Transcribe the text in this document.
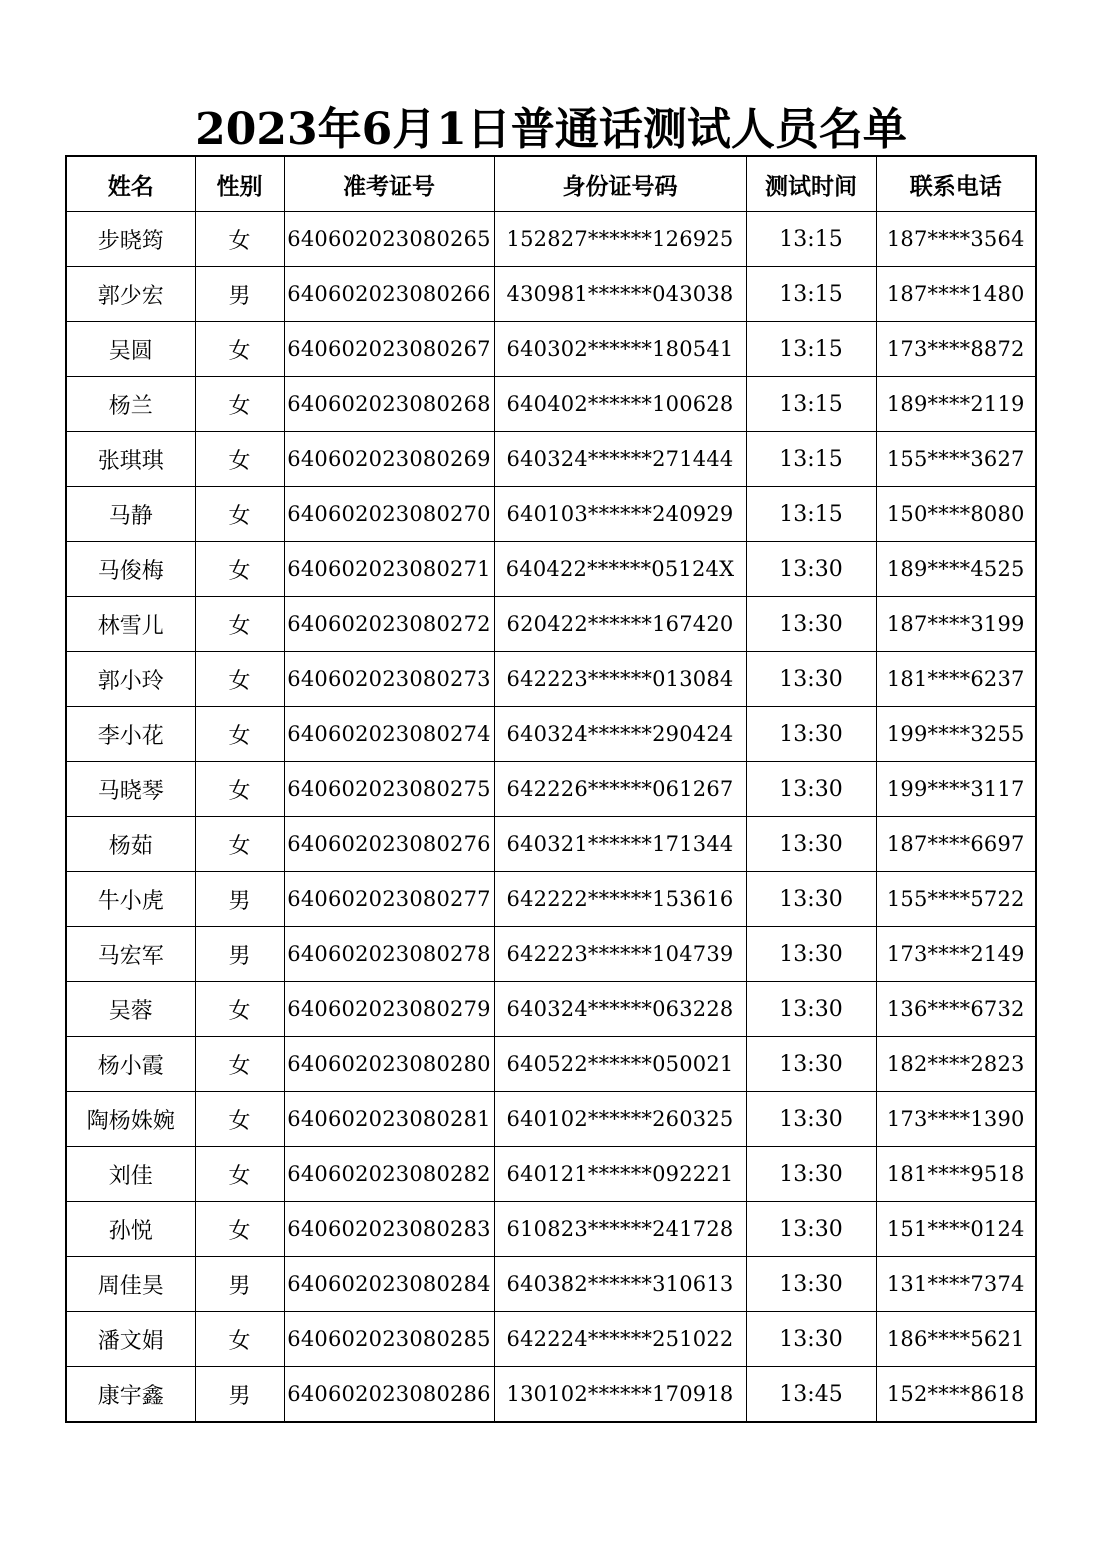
2023年6月1日普通话测试人员名单
姓名	性别	准考证号	身份证号码	测试时间	联系电话
步晓筠	女	640602023080265	152827******126925	13:15	187****3564
郭少宏	男	640602023080266	430981******043038	13:15	187****1480
吴圆	女	640602023080267	640302******180541	13:15	173****8872
杨兰	女	640602023080268	640402******100628	13:15	189****2119
张琪琪	女	640602023080269	640324******271444	13:15	155****3627
马静	女	640602023080270	640103******240929	13:15	150****8080
马俊梅	女	640602023080271	640422******05124X	13:30	189****4525
林雪儿	女	640602023080272	620422******167420	13:30	187****3199
郭小玲	女	640602023080273	642223******013084	13:30	181****6237
李小花	女	640602023080274	640324******290424	13:30	199****3255
马晓琴	女	640602023080275	642226******061267	13:30	199****3117
杨茹	女	640602023080276	640321******171344	13:30	187****6697
牛小虎	男	640602023080277	642222******153616	13:30	155****5722
马宏军	男	640602023080278	642223******104739	13:30	173****2149
吴蓉	女	640602023080279	640324******063228	13:30	136****6732
杨小霞	女	640602023080280	640522******050021	13:30	182****2823
陶杨姝婉	女	640602023080281	640102******260325	13:30	173****1390
刘佳	女	640602023080282	640121******092221	13:30	181****9518
孙悦	女	640602023080283	610823******241728	13:30	151****0124
周佳昊	男	640602023080284	640382******310613	13:30	131****7374
潘文娟	女	640602023080285	642224******251022	13:30	186****5621
康宇鑫	男	640602023080286	130102******170918	13:45	152****8618
